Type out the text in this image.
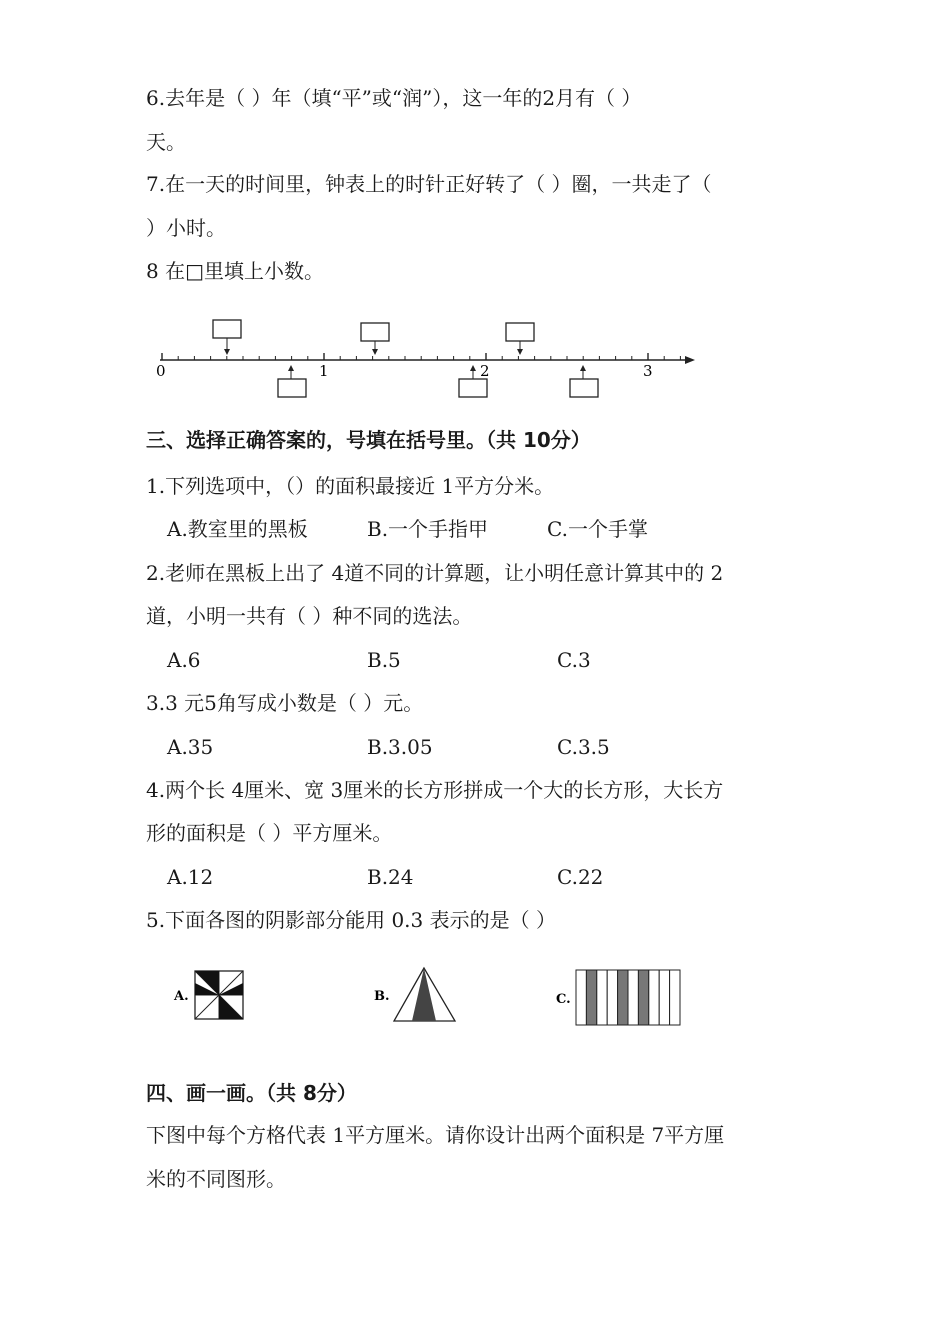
6.去年是（ ）年（填“平”或“润”），这一年的2月有（ ）
天。
7.在一天的时间里，钟表上的时针正好转了（ ）圈，一共走了（
）小时。
8 在□里填上小数。
0	1	2	3
三、选择正确答案的，号填在括号里。（共 10分）
1.下列选项中，（）的面积最接近 1平方分米。
A.教室里的黑板	B.一个手指甲	C.一个手掌
2.老师在黑板上出了 4道不同的计算题，让小明任意计算其中的 2
道，小明一共有（ ）种不同的选法。
A.6	B.5	C.3
3.3 元5角写成小数是（ ）元。
A.35	B.3.05	C.3.5
4.两个长 4厘米、宽 3厘米的长方形拼成一个大的长方形，大长方
形的面积是（ ）平方厘米。
A.12	B.24	C.22
5.下面各图的阴影部分能用 0.3 表示的是（ ）
A.	B.	C.
四、画一画。（共 8分）
下图中每个方格代表 1平方厘米。请你设计出两个面积是 7平方厘
米的不同图形。
